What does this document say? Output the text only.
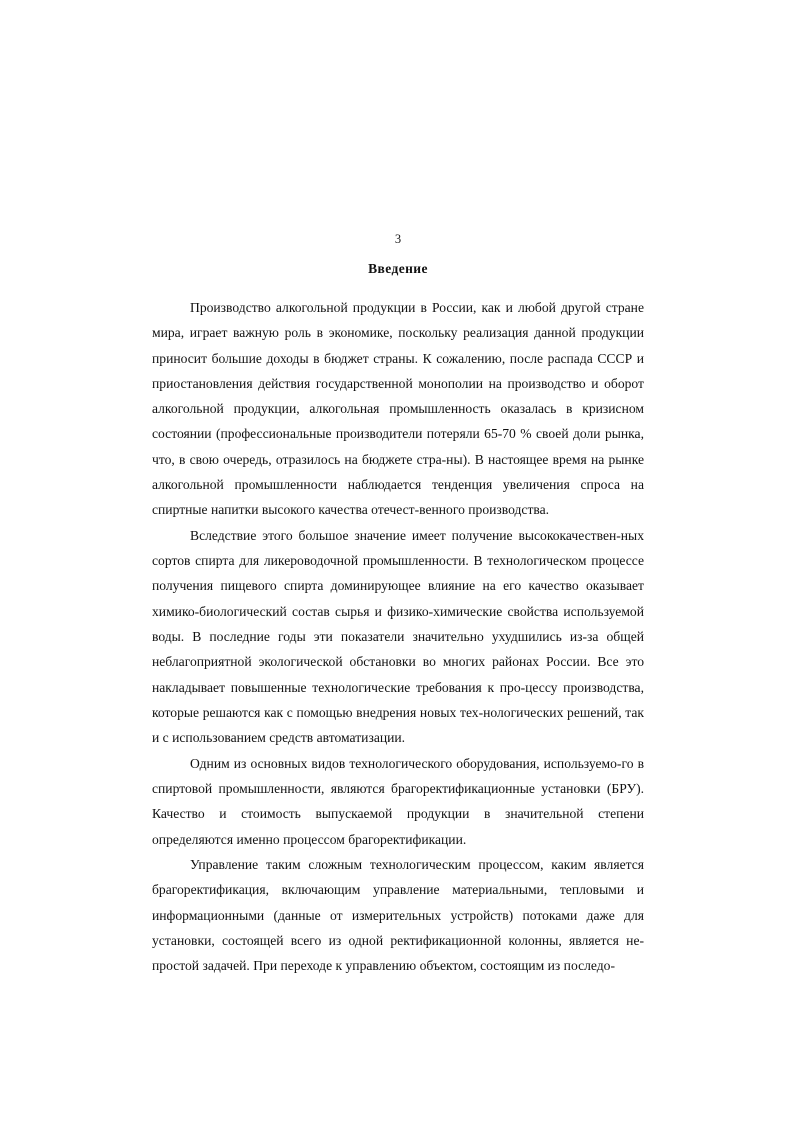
3
Введение

Производство алкогольной продукции в России, как и любой другой стране мира, играет важную роль в экономике, поскольку реализация данной продукции приносит большие доходы в бюджет страны. К сожалению, после распада СССР и приостановления действия государственной монополии на производство и оборот алкогольной продукции, алкогольная промышленность оказалась в кризисном состоянии (профессиональные производители потеряли 65-70 % своей доли рынка, что, в свою очередь, отразилось на бюджете стра-ны). В настоящее время на рынке алкогольной промышленности наблюдается тенденция увеличения спроса на спиртные напитки высокого качества отечест-венного производства.

Вследствие этого большое значение имеет получение высококачествен-ных сортов спирта для ликероводочной промышленности. В технологическом процессе получения пищевого спирта доминирующее влияние на его качество оказывает химико-биологический состав сырья и физико-химические свойства используемой воды. В последние годы эти показатели значительно ухудшились из-за общей неблагоприятной экологической обстановки во многих районах России. Все это накладывает повышенные технологические требования к про-цессу производства, которые решаются как с помощью внедрения новых тех-нологических решений, так и с использованием средств автоматизации.

Одним из основных видов технологического оборудования, используемо-го в спиртовой промышленности, являются брагоректификационные установки (БРУ). Качество и стоимость выпускаемой продукции в значительной степени определяются именно процессом брагоректификации.

Управление таким сложным технологическим процессом, каким является брагоректификация, включающим управление материальными, тепловыми и информационными (данные от измерительных устройств) потоками даже для установки, состоящей всего из одной ректификационной колонны, является не-простой задачей. При переходе к управлению объектом, состоящим из последо-
